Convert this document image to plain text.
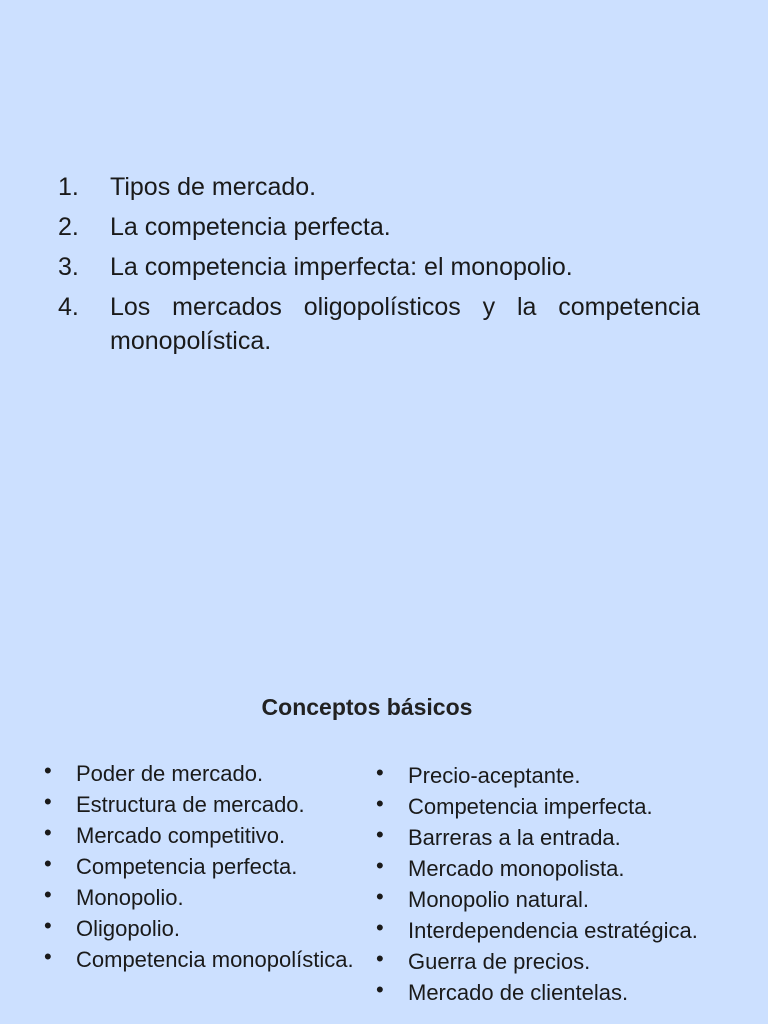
1. Tipos de mercado.
2. La competencia perfecta.
3. La competencia imperfecta: el monopolio.
4. Los mercados oligopolísticos y la competencia monopolística.
Conceptos básicos
• Poder de mercado.
• Estructura de mercado.
• Mercado competitivo.
• Competencia perfecta.
• Monopolio.
• Oligopolio.
• Competencia monopolística.
• Precio-aceptante.
• Competencia imperfecta.
• Barreras a la entrada.
• Mercado monopolista.
• Monopolio natural.
• Interdependencia estratégica.
• Guerra de precios.
• Mercado de clientelas.
